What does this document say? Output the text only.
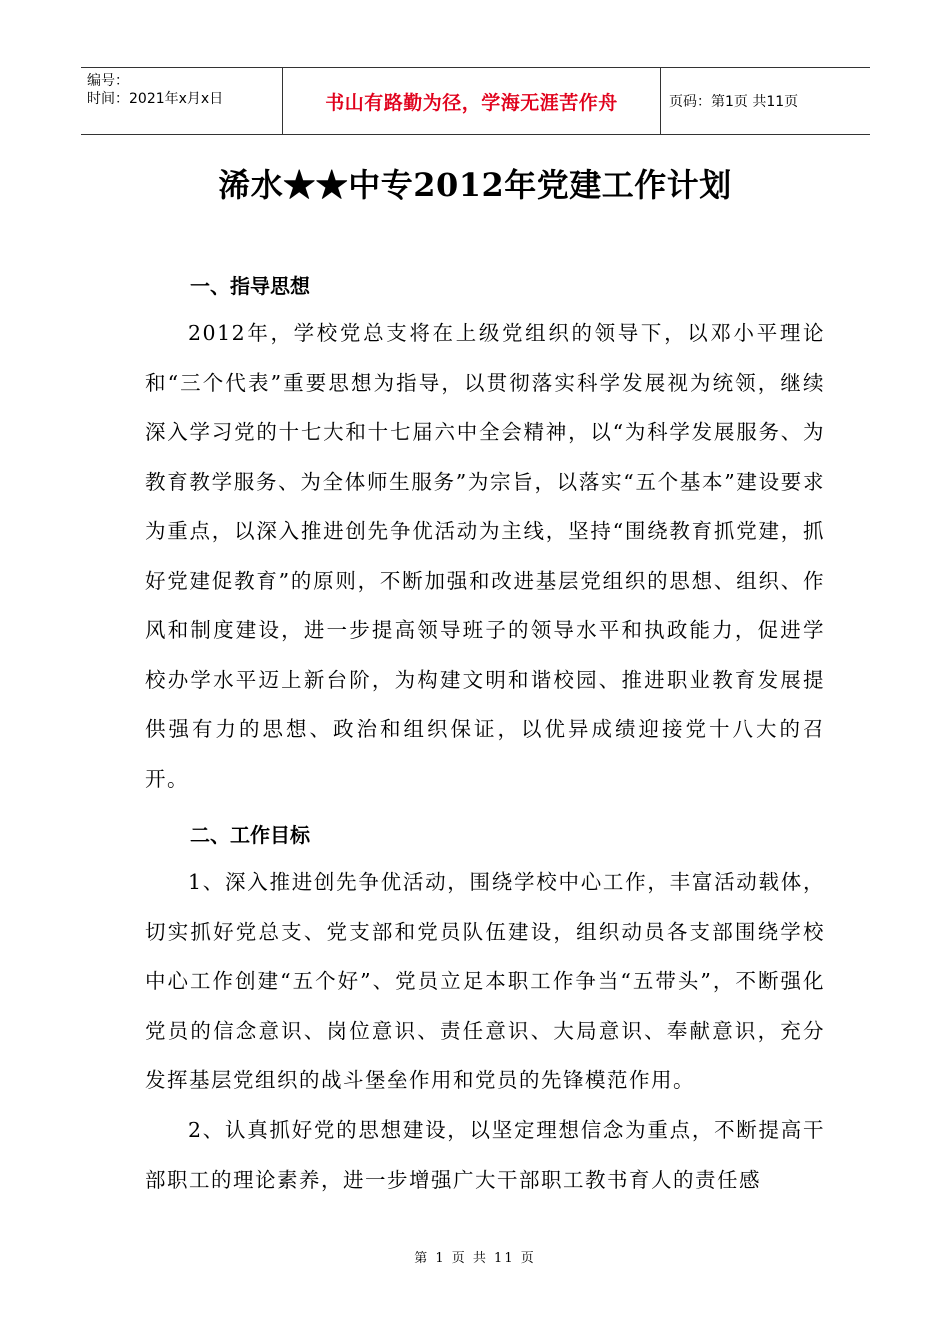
编号：
时间：2021年x月x日	书山有路勤为径，学海无涯苦作舟	页码：第1页 共11页
浠水★★中专2012年党建工作计划
一、指导思想

2012年，学校党总支将在上级党组织的领导下，以邓小平理论和“三个代表”重要思想为指导，以贯彻落实科学发展视为统领，继续深入学习党的十七大和十七届六中全会精神，以“为科学发展服务、为教育教学服务、为全体师生服务”为宗旨，以落实“五个基本”建设要求为重点，以深入推进创先争优活动为主线，坚持“围绕教育抓党建，抓好党建促教育”的原则，不断加强和改进基层党组织的思想、组织、作风和制度建设，进一步提高领导班子的领导水平和执政能力，促进学校办学水平迈上新台阶，为构建文明和谐校园、推进职业教育发展提供强有力的思想、政治和组织保证，以优异成绩迎接党十八大的召开。

二、工作目标

1、深入推进创先争优活动，围绕学校中心工作，丰富活动载体，切实抓好党总支、党支部和党员队伍建设，组织动员各支部围绕学校中心工作创建“五个好”、党员立足本职工作争当“五带头”，不断强化党员的信念意识、岗位意识、责任意识、大局意识、奉献意识，充分发挥基层党组织的战斗堡垒作用和党员的先锋模范作用。

2、认真抓好党的思想建设，以坚定理想信念为重点，不断提高干部职工的理论素养，进一步增强广大干部职工教书育人的责任感

第 1 页 共 11 页
